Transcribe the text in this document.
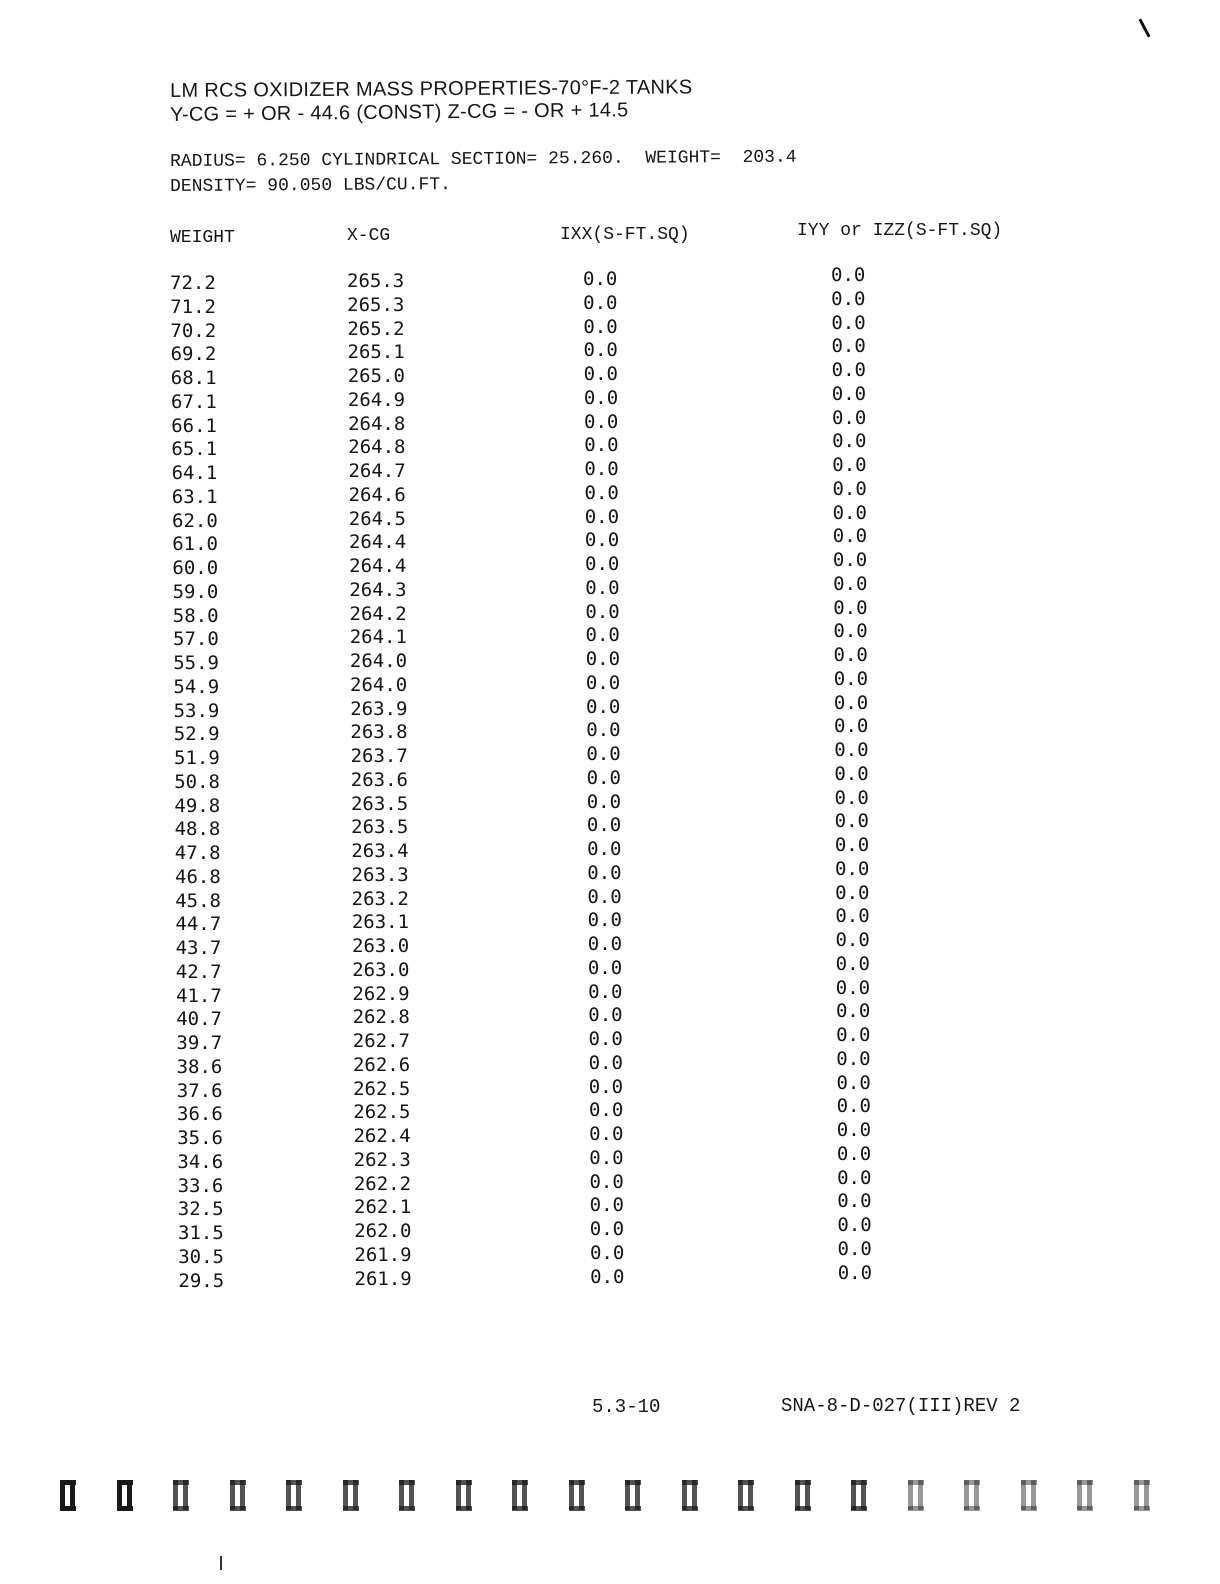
LM RCS OXIDIZER MASS PROPERTIES-70°F-2 TANKS
Y-CG = + OR - 44.6 (CONST) Z-CG = - OR + 14.5
RADIUS= 6.250 CYLINDRICAL SECTION= 25.260.  WEIGHT=  203.4
DENSITY= 90.050 LBS/CU.FT.
WEIGHT	X-CG	IXX(S-FT.SQ)	IYY or IZZ(S-FT.SQ)
72.2	265.3	0.0	0.0
71.2	265.3	0.0	0.0
70.2	265.2	0.0	0.0
69.2	265.1	0.0	0.0
68.1	265.0	0.0	0.0
67.1	264.9	0.0	0.0
66.1	264.8	0.0	0.0
65.1	264.8	0.0	0.0
64.1	264.7	0.0	0.0
63.1	264.6	0.0	0.0
62.0	264.5	0.0	0.0
61.0	264.4	0.0	0.0
60.0	264.4	0.0	0.0
59.0	264.3	0.0	0.0
58.0	264.2	0.0	0.0
57.0	264.1	0.0	0.0
55.9	264.0	0.0	0.0
54.9	264.0	0.0	0.0
53.9	263.9	0.0	0.0
52.9	263.8	0.0	0.0
51.9	263.7	0.0	0.0
50.8	263.6	0.0	0.0
49.8	263.5	0.0	0.0
48.8	263.5	0.0	0.0
47.8	263.4	0.0	0.0
46.8	263.3	0.0	0.0
45.8	263.2	0.0	0.0
44.7	263.1	0.0	0.0
43.7	263.0	0.0	0.0
42.7	263.0	0.0	0.0
41.7	262.9	0.0	0.0
40.7	262.8	0.0	0.0
39.7	262.7	0.0	0.0
38.6	262.6	0.0	0.0
37.6	262.5	0.0	0.0
36.6	262.5	0.0	0.0
35.6	262.4	0.0	0.0
34.6	262.3	0.0	0.0
33.6	262.2	0.0	0.0
32.5	262.1	0.0	0.0
31.5	262.0	0.0	0.0
30.5	261.9	0.0	0.0
29.5	261.9	0.0	0.0
5.3-10	SNA-8-D-027(III)REV 2
